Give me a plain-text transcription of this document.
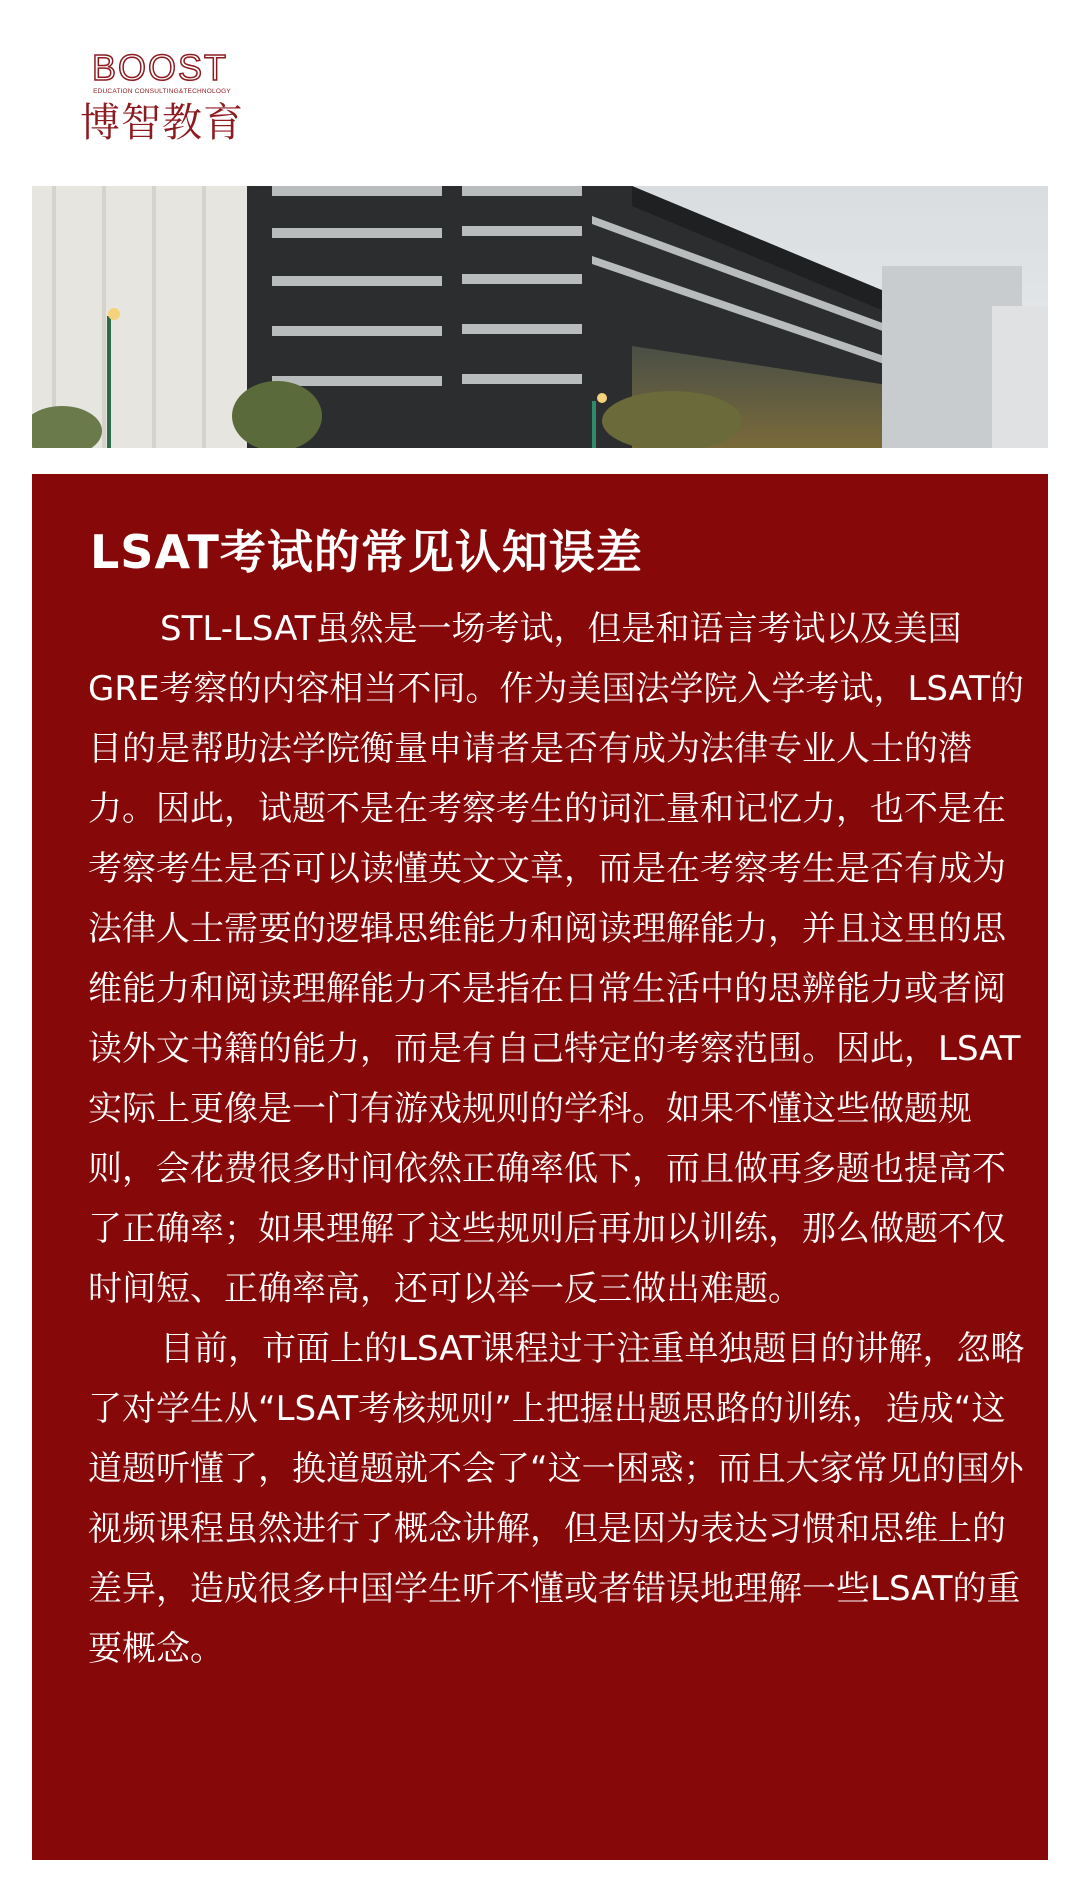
BOOST
EDUCATION CONSULTING&TECHNOLOGY
博智教育
LSAT考试的常见认知误差

STL-LSAT虽然是一场考试，但是和语言考试以及美国GRE考察的内容相当不同。作为美国法学院入学考试，LSAT的目的是帮助法学院衡量申请者是否有成为法律专业人士的潜力。因此，试题不是在考察考生的词汇量和记忆力，也不是在考察考生是否可以读懂英文文章，而是在考察考生是否有成为法律人士需要的逻辑思维能力和阅读理解能力，并且这里的思维能力和阅读理解能力不是指在日常生活中的思辨能力或者阅读外文书籍的能力，而是有自己特定的考察范围。因此，LSAT实际上更像是一门有游戏规则的学科。如果不懂这些做题规则，会花费很多时间依然正确率低下，而且做再多题也提高不了正确率；如果理解了这些规则后再加以训练，那么做题不仅时间短、正确率高，还可以举一反三做出难题。

目前，市面上的LSAT课程过于注重单独题目的讲解，忽略了对学生从“LSAT考核规则”上把握出题思路的训练，造成“这道题听懂了，换道题就不会了“这一困惑；而且大家常见的国外视频课程虽然进行了概念讲解，但是因为表达习惯和思维上的差异，造成很多中国学生听不懂或者错误地理解一些LSAT的重要概念。
